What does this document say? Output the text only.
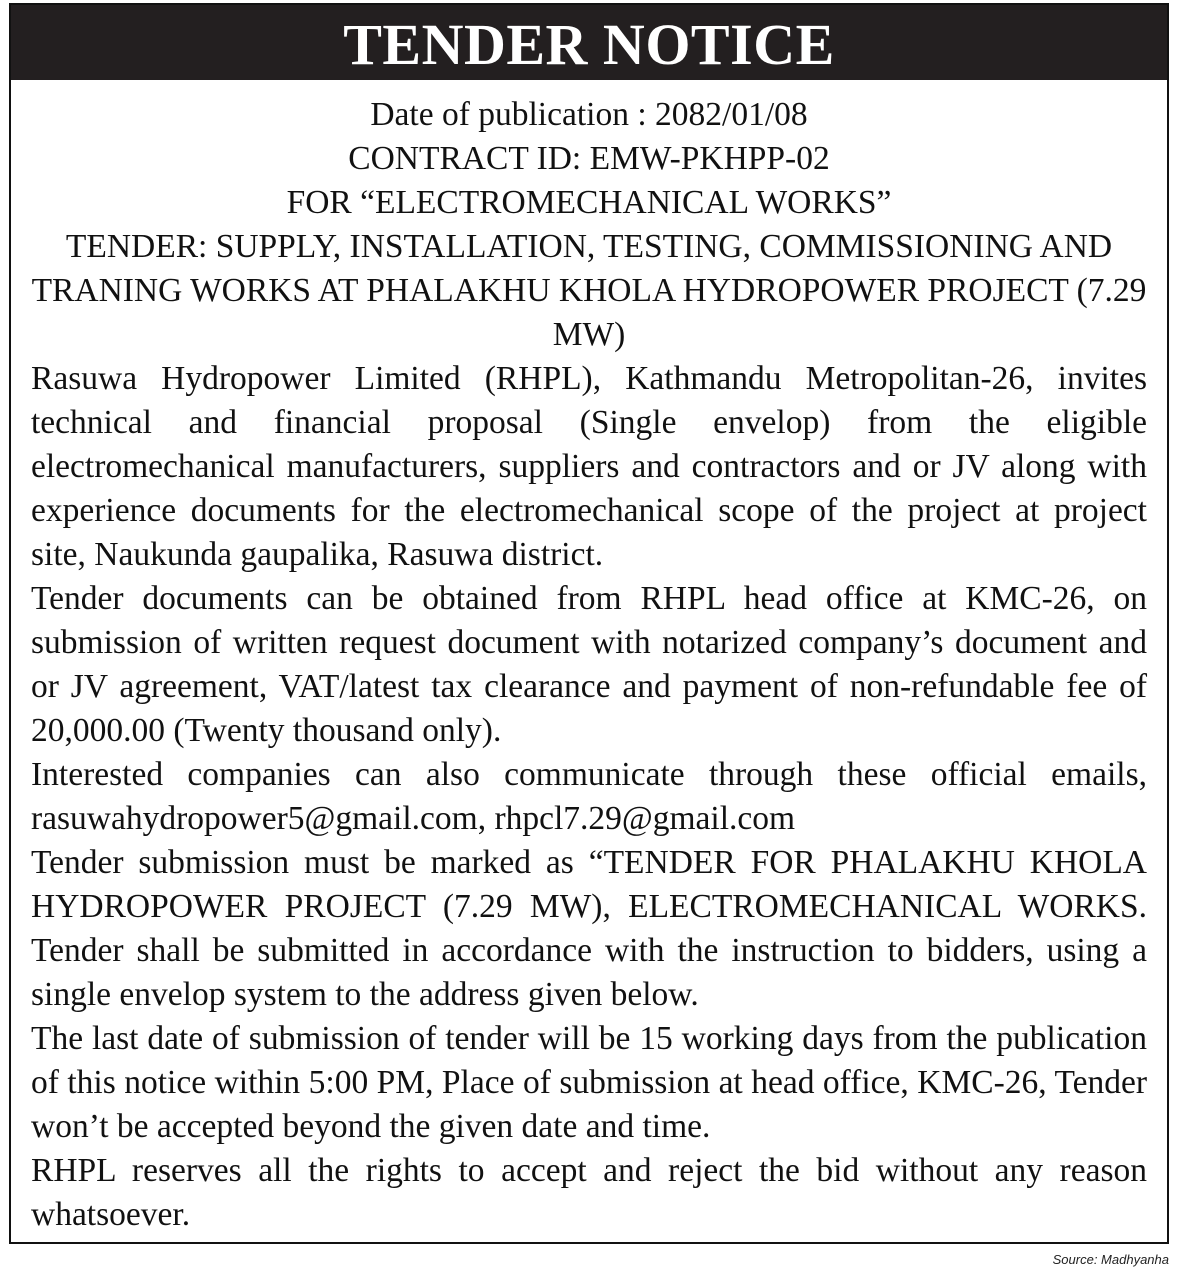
TENDER NOTICE

Date of publication : 2082/01/08

CONTRACT ID: EMW-PKHPP-02

FOR “ELECTROMECHANICAL WORKS”

TENDER: SUPPLY, INSTALLATION, TESTING, COMMISSIONING AND TRANING WORKS AT PHALAKHU KHOLA HYDROPOWER PROJECT (7.29 MW)

Rasuwa Hydropower Limited (RHPL), Kathmandu Metropolitan-26, invites technical and financial proposal (Single envelop) from the eligible electromechanical manufacturers, suppliers and contractors and or JV along with experience documents for the electromechanical scope of the project at project site, Naukunda gaupalika, Rasuwa district.

Tender documents can be obtained from RHPL head office at KMC-26, on submission of written request document with notarized company’s document and or JV agreement, VAT/latest tax clearance and payment of non-refundable fee of 20,000.00 (Twenty thousand only).

Interested companies can also communicate through these official emails, rasuwahydropower5@gmail.com, rhpcl7.29@gmail.com

Tender submission must be marked as “TENDER FOR PHALAKHU KHOLA HYDROPOWER PROJECT (7.29 MW), ELECTROMECHANICAL WORKS. Tender shall be submitted in accordance with the instruction to bidders, using a single envelop system to the address given below.

The last date of submission of tender will be 15 working days from the publication of this notice within 5:00 PM, Place of submission at head office, KMC-26, Tender won’t be accepted beyond the given date and time.

RHPL reserves all the rights to accept and reject the bid without any reason whatsoever.

Source: Madhyanha
